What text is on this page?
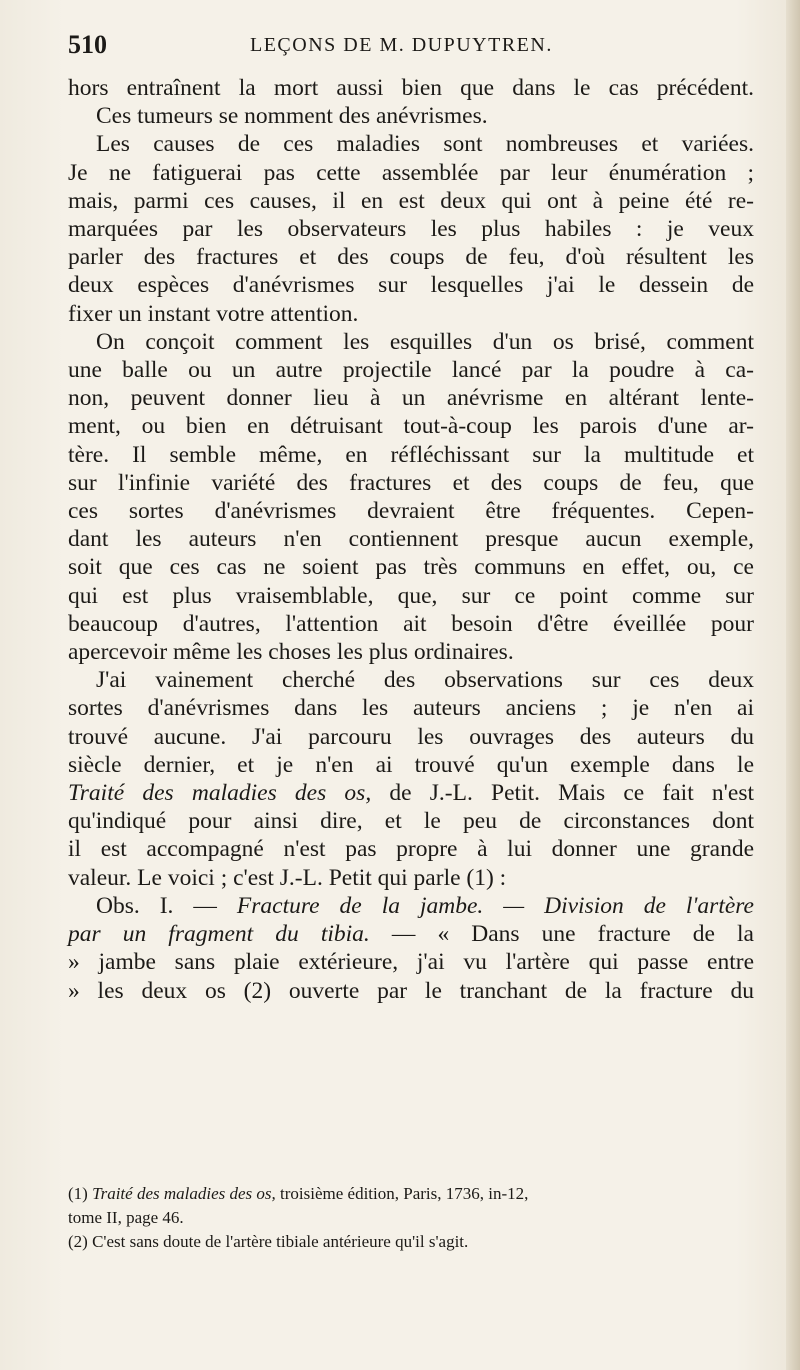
510	LEÇONS DE M. DUPUYTREN.
hors entraînent la mort aussi bien que dans le cas précédent.
Ces tumeurs se nomment des anévrismes.
Les causes de ces maladies sont nombreuses et variées.
Je ne fatiguerai pas cette assemblée par leur énumération ;
mais, parmi ces causes, il en est deux qui ont à peine été re-
marquées par les observateurs les plus habiles : je veux
parler des fractures et des coups de feu, d'où résultent les
deux espèces d'anévrismes sur lesquelles j'ai le dessein de
fixer un instant votre attention.
On conçoit comment les esquilles d'un os brisé, comment
une balle ou un autre projectile lancé par la poudre à ca-
non, peuvent donner lieu à un anévrisme en altérant lente-
ment, ou bien en détruisant tout-à-coup les parois d'une ar-
tère. Il semble même, en réfléchissant sur la multitude et
sur l'infinie variété des fractures et des coups de feu, que
ces sortes d'anévrismes devraient être fréquentes. Cepen-
dant les auteurs n'en contiennent presque aucun exemple,
soit que ces cas ne soient pas très communs en effet, ou, ce
qui est plus vraisemblable, que, sur ce point comme sur
beaucoup d'autres, l'attention ait besoin d'être éveillée pour
apercevoir même les choses les plus ordinaires.
J'ai vainement cherché des observations sur ces deux
sortes d'anévrismes dans les auteurs anciens ; je n'en ai
trouvé aucune. J'ai parcouru les ouvrages des auteurs du
siècle dernier, et je n'en ai trouvé qu'un exemple dans le
Traité des maladies des os, de J.-L. Petit. Mais ce fait n'est
qu'indiqué pour ainsi dire, et le peu de circonstances dont
il est accompagné n'est pas propre à lui donner une grande
valeur. Le voici ; c'est J.-L. Petit qui parle (1) :
Obs. I. — Fracture de la jambe. — Division de l'artère
par un fragment du tibia. — « Dans une fracture de la
» jambe sans plaie extérieure, j'ai vu l'artère qui passe entre
» les deux os (2) ouverte par le tranchant de la fracture du
(1) Traité des maladies des os, troisième édition, Paris, 1736, in-12,
tome II, page 46.
(2) C'est sans doute de l'artère tibiale antérieure qu'il s'agit.
